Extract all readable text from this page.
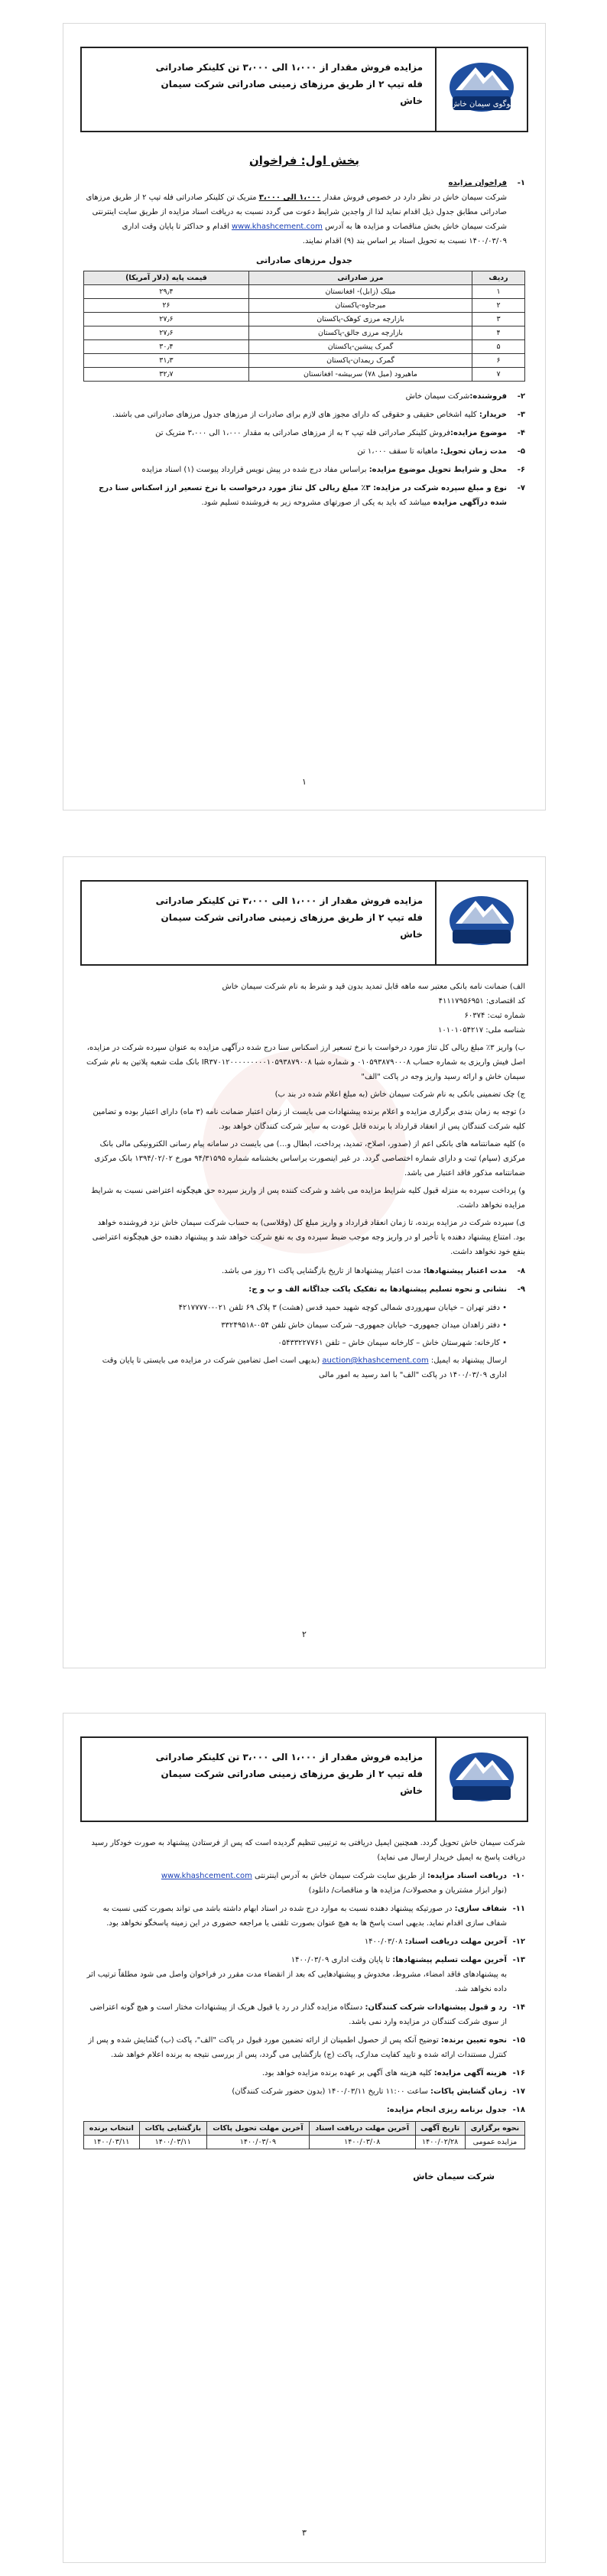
لوگوی سیمان خاش
مزایده فروش مقدار از ۱،۰۰۰ الی ۳،۰۰۰ تن کلینکر صادراتی
فله تیپ ۲ از طریق مرزهای زمینی صادراتی شرکت سیمان
خاش
بخش اول: فراخوان
۱-
فراخوان مزایده
شرکت سیمان خاش در نظر دارد در خصوص فروش مقدار ۱،۰۰۰ الی ۳،۰۰۰ متریک تن کلینکر صادراتی فله تیپ ۲ از طریق مرزهای صادراتی مطابق جدول ذیل اقدام نماید لذا از واجدین شرایط دعوت می گردد نسبت به دریافت اسناد مزایده از طریق سایت اینترنتی شرکت سیمان خاش بخش مناقصات و مزایده ها به آدرس www.khashcement.com اقدام و حداکثر تا پایان وقت اداری ۱۴۰۰/۰۳/۰۹ نسبت به تحویل اسناد بر اساس بند (۹) اقدام نمایند.
جدول مرزهای صادراتی
ردیف	مرز صادراتی	قیمت پایه (دلار آمریکا)
۱	میلک (زابل)- افغانستان	۲۹٫۴
۲	میرجاوه-پاکستان	۲۶
۳	بازارچه مرزی کوهک-پاکستان	۲۷٫۶
۴	بازارچه مرزی جالق-پاکستان	۲۷٫۶
۵	گمرک پیشین-پاکستان	۳۰٫۴
۶	گمرک ریمدان-پاکستان	۳۱٫۳
۷	ماهیرود (میل ۷۸) سربیشه- افغانستان	۳۲٫۷
۲-
فروشنده:شرکت سیمان خاش
۳-
خریدار: کلیه اشخاص حقیقی و حقوقی که دارای مجوز های لازم برای صادرات از مرزهای جدول مرزهای صادراتی می باشند.
۴-
موضوع مزایده:فروش کلینکر صادراتی فله تیپ ۲ به از مرزهای صادراتی به مقدار ۱،۰۰۰ الی ۳،۰۰۰ متریک تن
۵-
مدت زمان تحویل: ماهیانه تا سقف ۱،۰۰۰ تن
۶-
محل و شرایط تحویل موضوع مزایده: براساس مفاد درج شده در پیش نویس قرارداد پیوست (۱) اسناد مزایده
۷-
نوع و مبلغ سپرده شرکت در مزایده: ۳٪ مبلغ ریالی کل تناژ مورد درخواست با نرخ تسعیر ارز اسکناس سنا درج شده درآگهی مزایده میباشد که باید به یکی از صورتهای مشروحه زیر به فروشنده تسلیم شود.
۱
مزایده فروش مقدار از ۱،۰۰۰ الی ۳،۰۰۰ تن کلینکر صادراتی
فله تیپ ۲ از طریق مرزهای زمینی صادراتی شرکت سیمان
خاش
الف) ضمانت نامه بانکی معتبر سه ماهه قابل تمدید بدون قید و شرط به نام شرکت سیمان خاش
کد اقتصادی: ۴۱۱۱۷۹۵۶۹۵۱
شماره ثبت: ۶۰۳۷۴
شناسه ملی: ۱۰۱۰۱۰۵۴۲۱۷
ب) واریز ۳٪ مبلغ ریالی کل تناژ مورد درخواست با نرخ تسعیر ارز اسکناس سنا درج شده درآگهی مزایده به عنوان سپرده شرکت در مزایده، اصل فیش واریزی به شماره حساب ۰۱۰۵۹۳۸۷۹۰۰۰۸ و شماره شبا IR۳۷۰۱۲۰۰۰۰۰۰۰۰۰۱۰۵۹۳۸۷۹۰۰۸ بانک ملت شعبه پلاتین به نام شرکت سیمان خاش و ارائه رسید واریز وجه در پاکت "الف"
ج) چک تضمینی بانکی به نام شرکت سیمان خاش (به مبلغ اعلام شده در بند ب)
د) توجه به زمان بندی برگزاری مزایده و اعلام برنده پیشنهادات می بایست از زمان اعتبار ضمانت نامه (۳ ماه) دارای اعتبار بوده و تضامین کلیه شرکت کنندگان پس از انعقاد قرارداد با برنده قابل عودت به سایر شرکت کنندگان خواهد بود.
ه) کلیه ضمانتنامه های بانکی اعم از (صدور، اصلاح، تمدید، پرداخت، ابطال و…) می بایست در سامانه پیام رسانی الکترونیکی مالی بانک مرکزی (سپام) ثبت و دارای شماره اختصاصی گردد. در غیر اینصورت براساس بخشنامه شماره ۹۴/۳۱۵۹۵ مورخ ۱۳۹۴/۰۲/۰۲ بانک مرکزی ضمانتنامه مذکور فاقد اعتبار می باشد.
و) پرداخت سپرده به منزله قبول کلیه شرایط مزایده می باشد و شرکت کننده پس از واریز سپرده حق هیچگونه اعتراضی نسبت به شرایط مزایده نخواهد داشت.
ی) سپرده شرکت در مزایده برنده، تا زمان انعقاد قرارداد و واریز مبلغ کل (وقلاسی) به حساب شرکت سیمان خاش نزد فروشنده خواهد بود. امتناع پیشنهاد دهنده یا تأخیر او در واریز وجه موجب ضبط سپرده وی به نفع شرکت خواهد شد و پیشنهاد دهنده حق هیچگونه اعتراضی بنفع خود نخواهد داشت.
۸-
مدت اعتبار پیشنهادها: مدت اعتبار پیشنهادها از تاریخ بازگشایی پاکت ۲۱ روز می باشد.
۹-
نشانی و نحوه تسلیم پیشنهادها به تفکیک پاکت جداگانه الف و ب و ج:
• دفتر تهران – خیابان سهروردی شمالی کوچه شهید حمید قدس (هشت) ۳ پلاک ۶۹ تلفن ۰۲۱-۴۲۱۷۷۷۷۰
• دفتر زاهدان میدان جمهوری– خیابان جمهوری– شرکت سیمان خاش تلفن ۰۵۴-۳۳۲۴۹۵۱۸
• کارخانه: شهرستان خاش – کارخانه سیمان خاش – تلفن ۰۵۴۳۳۲۲۷۷۶۱
ارسال پیشنهاد به ایمیل: auction@khashcement.com (بدیهی است اصل تضامین شرکت در مزایده می بایستی تا پایان وقت اداری ۱۴۰۰/۰۳/۰۹ در پاکت "الف" با امد رسید به امور مالی
۲
مزایده فروش مقدار از ۱،۰۰۰ الی ۳،۰۰۰ تن کلینکر صادراتی
فله تیپ ۲ از طریق مرزهای زمینی صادراتی شرکت سیمان
خاش
شرکت سیمان خاش تحویل گردد. همچنین ایمیل دریافتی به ترتیبی تنظیم گردیده است که پس از فرستادن پیشنهاد به صورت خودکار رسید دریافت پاسخ به ایمیل خریدار ارسال می نماید)
۱۰-
دریافت اسناد مزایده: از طریق سایت شرکت سیمان خاش به آدرس اینترنتی www.khashcement.com
(نوار ابزار مشتریان و محصولات/ مزایده ها و مناقصات/ دانلود)
۱۱-
شفاف سازی: در صورتیکه پیشنهاد دهنده نسبت به موارد درج شده در اسناد ابهام داشته باشد می تواند بصورت کتبی نسبت به شفاف سازی اقدام نماید. بدیهی است پاسخ ها به هیچ عنوان بصورت تلفنی یا مراجعه حضوری در این زمینه پاسخگو نخواهد بود.
۱۲-
آخرین مهلت دریافت اسناد: ۱۴۰۰/۰۳/۰۸
۱۳-
آخرین مهلت تسلیم پیشنهادها: تا پایان وقت اداری ۱۴۰۰/۰۳/۰۹
به پیشنهادهای فاقد امضاء، مشروط، مخدوش و پیشنهادهایی که بعد از انقضاء مدت مقرر در فراخوان واصل می شود مطلقاً ترتیب اثر داده نخواهد شد.
۱۴-
رد و قبول پیشنهادات شرکت کنندگان: دستگاه مزایده گذار در رد یا قبول هریک از پیشنهادات مختار است و هیچ گونه اعتراضی از سوی شرکت کنندگان در مزایده وارد نمی باشد.
۱۵-
نحوه تعیین برنده: توضیح آنکه پس از حصول اطمینان از ارائه تضمین مورد قبول در پاکت "الف"، پاکت (ب) گشایش شده و پس از کنترل مستندات ارائه شده و تایید کفایت مدارک، پاکت (ج) بازگشایی می گردد، پس از بررسی نتیجه به برنده اعلام خواهد شد.
۱۶-
هزینه آگهی مزایده: کلیه هزینه های آگهی بر عهده برنده مزایده خواهد بود.
۱۷-
زمان گشایش پاکات: ساعت ۱۱:۰۰ تاریخ ۱۴۰۰/۰۳/۱۱ (بدون حضور شرکت کنندگان)
۱۸-
جدول برنامه ریزی انجام مزایده:
نحوه برگزاری	تاریخ آگهی	آخرین مهلت دریافت اسناد	آخرین مهلت تحویل پاکات	بازگشایی پاکات	انتخاب برنده
مزایده عمومی	۱۴۰۰/۰۲/۲۸	۱۴۰۰/۰۳/۰۸	۱۴۰۰/۰۳/۰۹	۱۴۰۰/۰۳/۱۱	۱۴۰۰/۰۳/۱۱
شرکت سیمان خاش
۳
